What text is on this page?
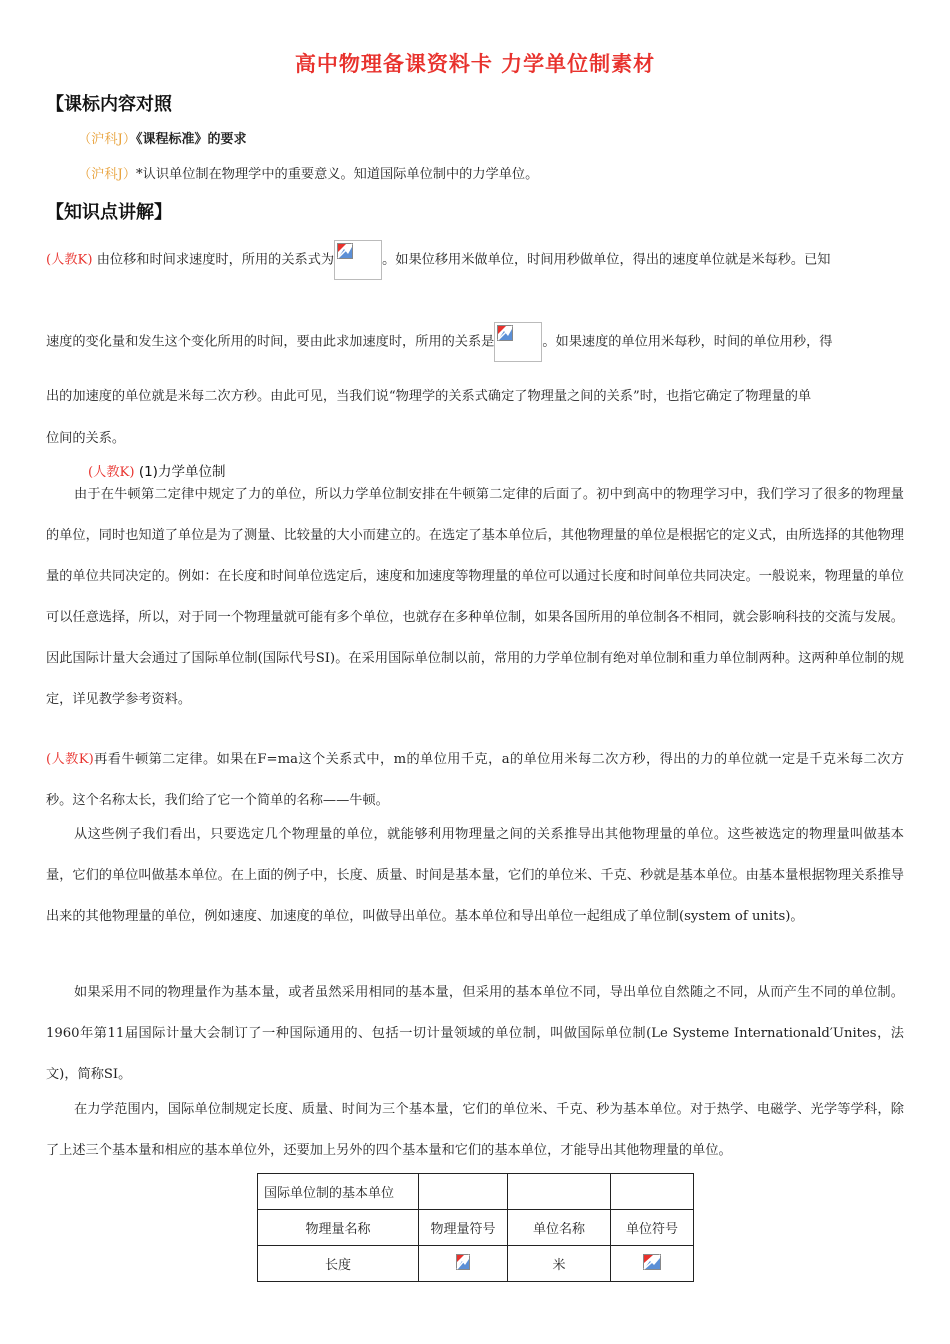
高中物理备课资料卡 力学单位制素材
【课标内容对照
（沪科J）《课程标准》的要求
（沪科J）*认识单位制在物理学中的重要意义。知道国际单位制中的力学单位。
【知识点讲解】
(人教K) 由位移和时间求速度时，所用的关系式为	。如果位移用米做单位，时间用秒做单位，得出的速度单位就是米每秒。已知
速度的变化量和发生这个变化所用的时间，要由此求加速度时，所用的关系是	。如果速度的单位用米每秒，时间的单位用秒，得
出的加速度的单位就是米每二次方秒。由此可见，当我们说“物理学的关系式确定了物理量之间的关系”时，也指它确定了物理量的单
位间的关系。
(人教K) (1)力学单位制
由于在牛顿第二定律中规定了力的单位，所以力学单位制安排在牛顿第二定律的后面了。初中到高中的物理学习中，我们学习了很多的物理量的单位，同时也知道了单位是为了测量、比较量的大小而建立的。在选定了基本单位后，其他物理量的单位是根据它的定义式，由所选择的其他物理量的单位共同决定的。例如：在长度和时间单位选定后，速度和加速度等物理量的单位可以通过长度和时间单位共同决定。一般说来，物理量的单位可以任意选择，所以，对于同一个物理量就可能有多个单位，也就存在多种单位制，如果各国所用的单位制各不相同，就会影响科技的交流与发展。因此国际计量大会通过了国际单位制(国际代号SI)。在采用国际单位制以前，常用的力学单位制有绝对单位制和重力单位制两种。这两种单位制的规定，详见教学参考资料。
(人教K)再看牛顿第二定律。如果在F=ma这个关系式中，m的单位用千克，a的单位用米每二次方秒，得出的力的单位就一定是千克米每二次方秒。这个名称太长，我们给了它一个简单的名称——牛顿。
从这些例子我们看出，只要选定几个物理量的单位，就能够利用物理量之间的关系推导出其他物理量的单位。这些被选定的物理量叫做基本量，它们的单位叫做基本单位。在上面的例子中，长度、质量、时间是基本量，它们的单位米、千克、秒就是基本单位。由基本量根据物理关系推导出来的其他物理量的单位，例如速度、加速度的单位，叫做导出单位。基本单位和导出单位一起组成了单位制(system of units)。
如果采用不同的物理量作为基本量，或者虽然采用相同的基本量，但采用的基本单位不同，导出单位自然随之不同，从而产生不同的单位制。1960年第11届国际计量大会制订了一种国际通用的、包括一切计量领域的单位制，叫做国际单位制(Le Systeme Internationald′Unites，法文)，简称SI。
在力学范围内，国际单位制规定长度、质量、时间为三个基本量，它们的单位米、千克、秒为基本单位。对于热学、电磁学、光学等学科，除了上述三个基本量和相应的基本单位外，还要加上另外的四个基本量和它们的基本单位，才能导出其他物理量的单位。
国际单位制的基本单位			
物理量名称	物理量符号	单位名称	单位符号
长度		米	
